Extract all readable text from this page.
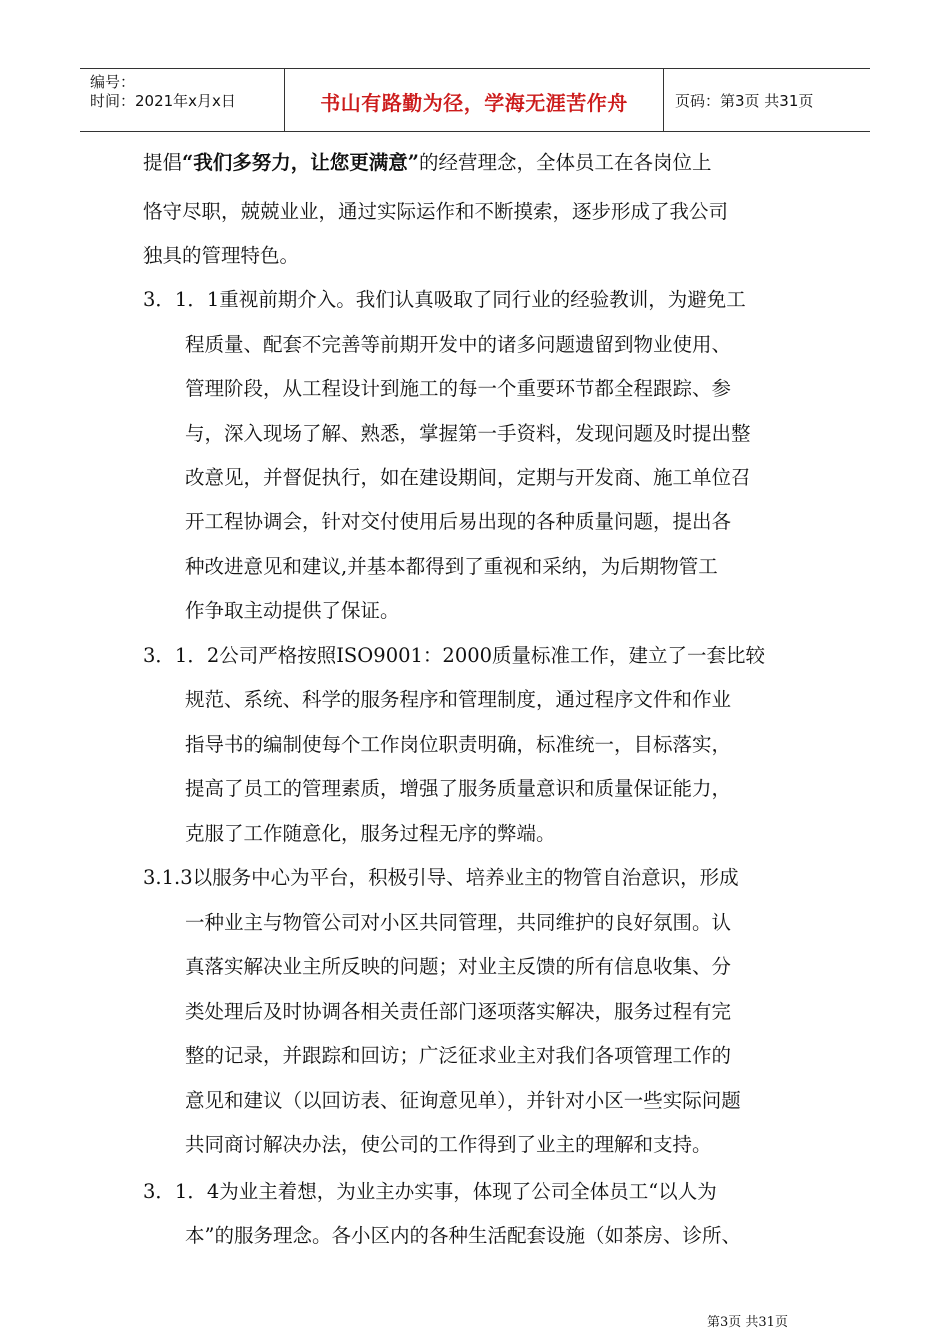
编号：
时间：2021年x月x日	书山有路勤为径，学海无涯苦作舟	页码：第3页 共31页
提倡“我们多努力，让您更满意”的经营理念，全体员工在各岗位上
恪守尽职，兢兢业业，通过实际运作和不断摸索，逐步形成了我公司
独具的管理特色。
3．1．1重视前期介入。我们认真吸取了同行业的经验教训，为避免工
程质量、配套不完善等前期开发中的诸多问题遗留到物业使用、
管理阶段，从工程设计到施工的每一个重要环节都全程跟踪、参
与，深入现场了解、熟悉，掌握第一手资料，发现问题及时提出整
改意见，并督促执行，如在建设期间，定期与开发商、施工单位召
开工程协调会，针对交付使用后易出现的各种质量问题，提出各
种改进意见和建议,并基本都得到了重视和采纳，为后期物管工
作争取主动提供了保证。
3．1．2公司严格按照ISO9001：2000质量标准工作，建立了一套比较
规范、系统、科学的服务程序和管理制度，通过程序文件和作业
指导书的编制使每个工作岗位职责明确，标准统一，目标落实，
提高了员工的管理素质，增强了服务质量意识和质量保证能力，
克服了工作随意化，服务过程无序的弊端。
3.1.3以服务中心为平台，积极引导、培养业主的物管自治意识，形成
一种业主与物管公司对小区共同管理，共同维护的良好氛围。认
真落实解决业主所反映的问题；对业主反馈的所有信息收集、分
类处理后及时协调各相关责任部门逐项落实解决，服务过程有完
整的记录，并跟踪和回访；广泛征求业主对我们各项管理工作的
意见和建议（以回访表、征询意见单），并针对小区一些实际问题
共同商讨解决办法，使公司的工作得到了业主的理解和支持。
3．1．4为业主着想，为业主办实事，体现了公司全体员工“以人为
本”的服务理念。各小区内的各种生活配套设施（如茶房、诊所、
第3页 共31页
